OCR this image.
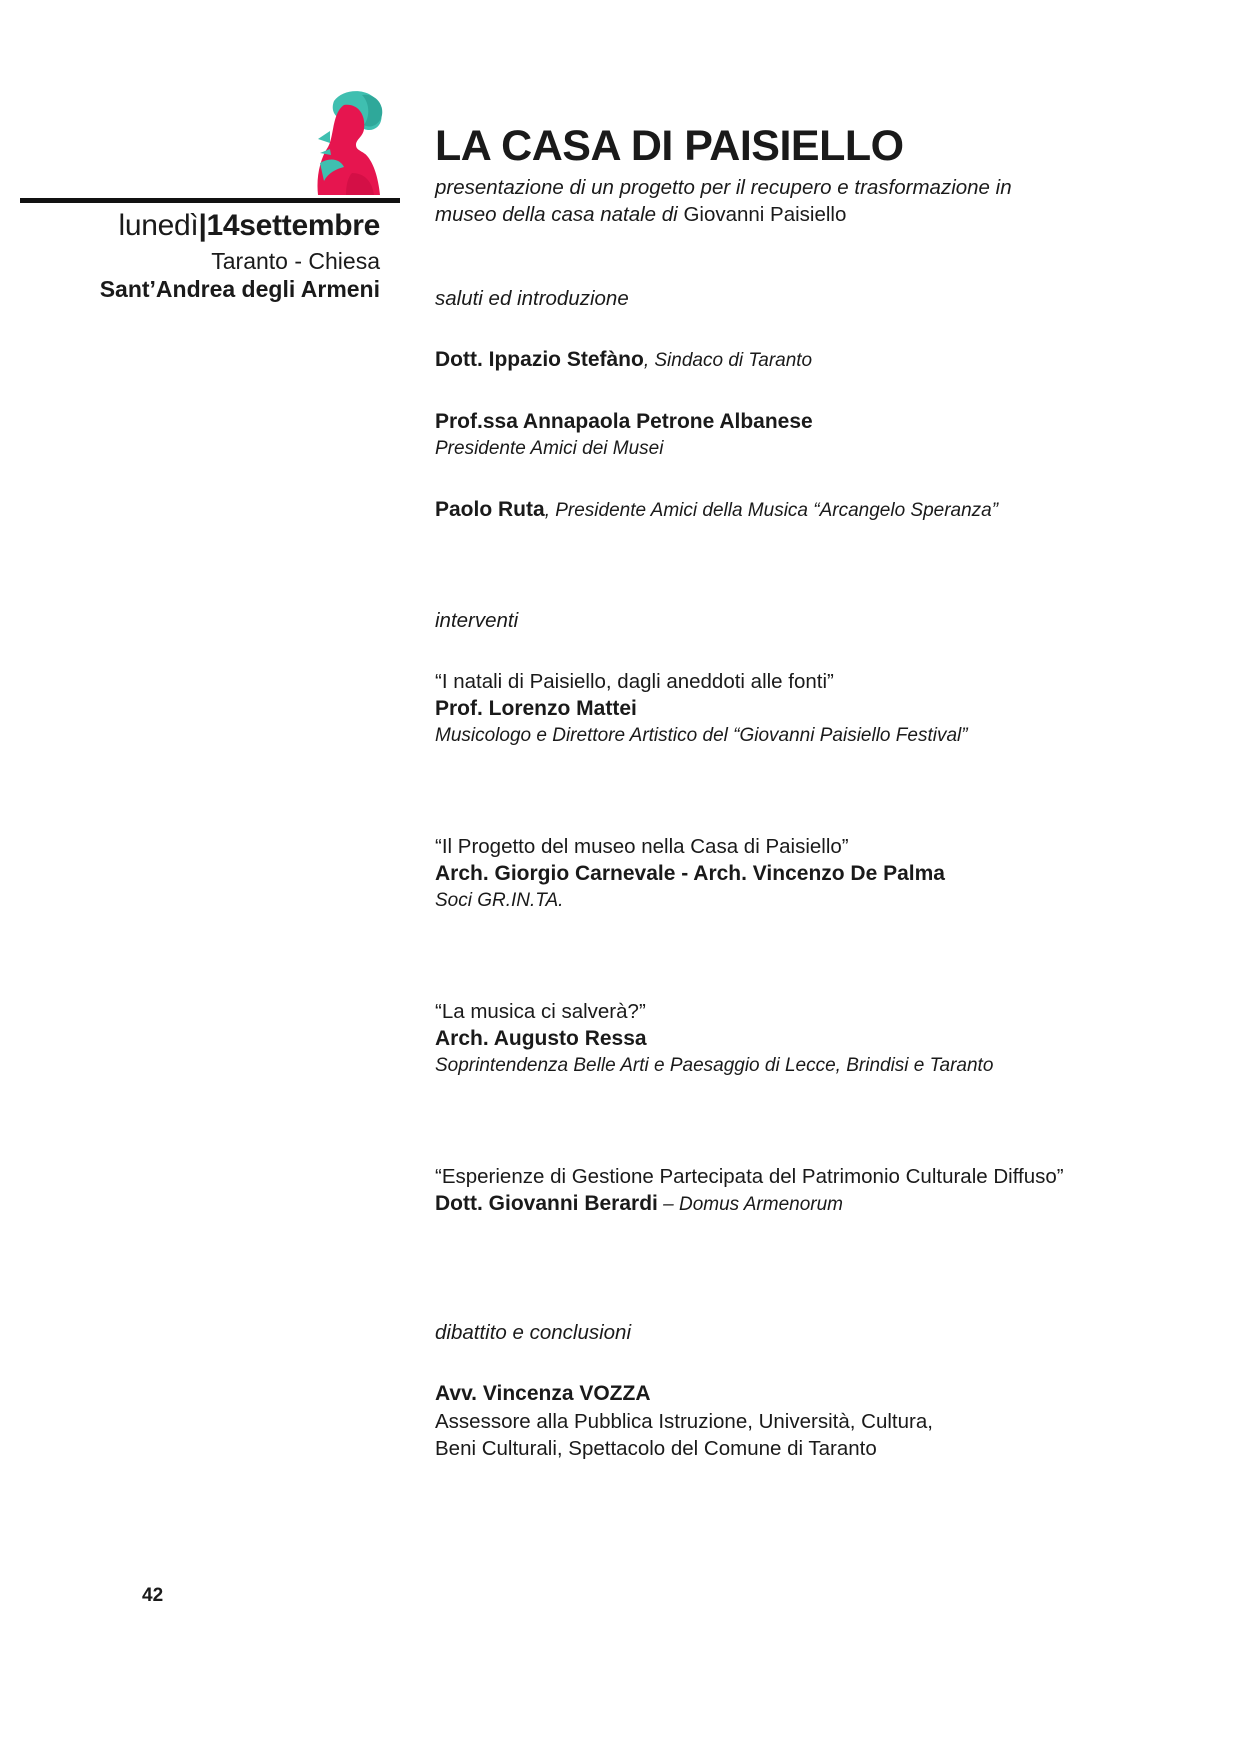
lunedì|14settembre
Taranto - Chiesa
Sant’Andrea degli Armeni
LA CASA DI PAISIELLO

presentazione di un progetto per il recupero e trasformazione in museo della casa natale di Giovanni Paisiello

saluti ed introduzione
Dott. Ippazio Stefàno, Sindaco di Taranto
Prof.ssa Annapaola Petrone Albanese
Presidente Amici dei Musei
Paolo Ruta, Presidente Amici della Musica “Arcangelo Speranza”
interventi
“I natali di Paisiello, dagli aneddoti alle fonti”
Prof. Lorenzo Mattei
Musicologo e Direttore Artistico del “Giovanni Paisiello Festival”
“Il Progetto del museo nella Casa di Paisiello”
Arch. Giorgio Carnevale - Arch. Vincenzo De Palma
Soci GR.IN.TA.
“La musica ci salverà?”
Arch. Augusto Ressa
Soprintendenza Belle Arti e Paesaggio di Lecce, Brindisi e Taranto
“Esperienze di Gestione Partecipata del Patrimonio Culturale Diffuso”
Dott. Giovanni Berardi – Domus Armenorum
dibattito e conclusioni
Avv. Vincenza VOZZA
Assessore alla Pubblica Istruzione, Università, Cultura,
Beni Culturali, Spettacolo del Comune di Taranto
42
